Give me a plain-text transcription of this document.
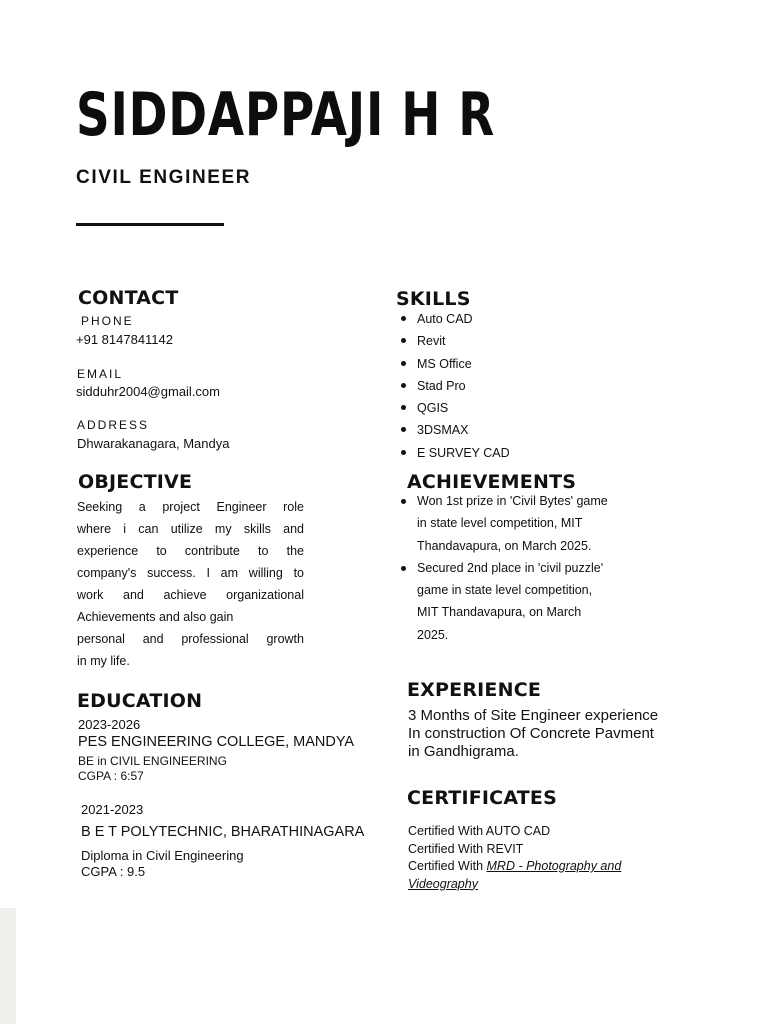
SIDDAPPAJI H R
CIVIL ENGINEER
CONTACT
PHONE
+91 8147841142
EMAIL
sidduhr2004@gmail.com
ADDRESS
Dhwarakanagara, Mandya
OBJECTIVE
Seeking a project Engineer role
where i can utilize my skills and
experience to contribute to the
company's success. I am willing to
work and achieve organizational
Achievements and also gain
personal and professional growth
in my life.
EDUCATION
2023-2026
PES ENGINEERING COLLEGE, MANDYA
BE in CIVIL ENGINEERING
CGPA : 6:57
2021-2023
B E T POLYTECHNIC, BHARATHINAGARA
Diploma in Civil Engineering
CGPA : 9.5
SKILLS
Auto CAD
Revit
MS Office
Stad Pro
QGIS
3DSMAX
E SURVEY CAD
ACHIEVEMENTS
Won 1st prize in 'Civil Bytes' game
in state level competition, MIT
Thandavapura, on March 2025.
Secured 2nd place in 'civil puzzle'
game in state level competition,
MIT Thandavapura, on March
2025.
EXPERIENCE
3 Months of Site Engineer experience
In construction Of Concrete Pavment
in Gandhigrama.
CERTIFICATES
Certified With AUTO CAD
Certified With REVIT
Certified With MRD - Photography and
Videography
